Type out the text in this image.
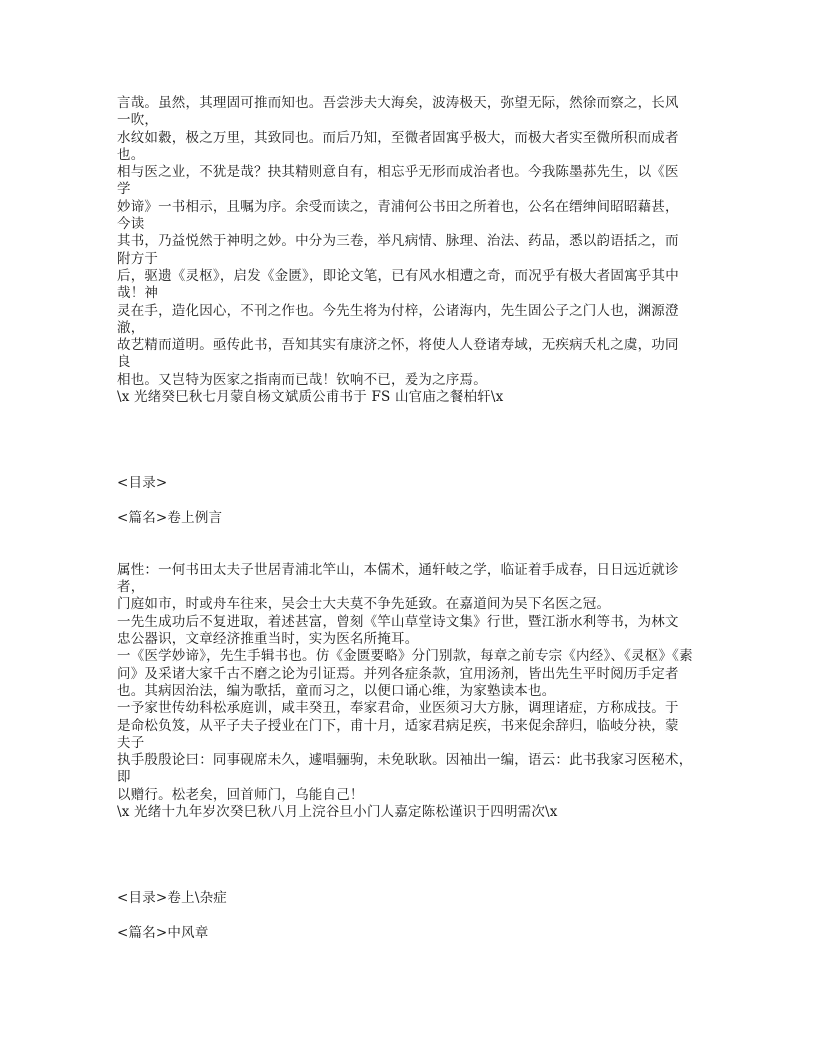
言哉。虽然，其理固可推而知也。吾尝涉夫大海矣，波涛极天，弥望无际，然徐而察之，长风
一吹，
水纹如縠，极之万里，其致同也。而后乃知，至微者固寓乎极大，而极大者实至微所积而成者
也。
相与医之业，不犹是哉？抉其精则意自有，相忘乎无形而成治者也。今我陈墨荪先生，以《医
学
妙谛》一书相示，且嘱为序。余受而读之，青浦何公书田之所着也，公名在缙绅间昭昭藉甚，
今读
其书，乃益悦然于神明之妙。中分为三卷，举凡病情、脉理、治法、药品，悉以韵语括之，而
附方于
后，驱遗《灵枢》，启发《金匮》，即论文笔，已有风水相遭之奇，而况乎有极大者固寓乎其中
哉！神
灵在手，造化因心，不刊之作也。今先生将为付梓，公诸海内，先生固公子之门人也，渊源澄
澈，
故艺精而道明。亟传此书，吾知其实有康济之怀，将使人人登诸寿域，无疾病夭札之虞，功同
良
相也。又岂特为医家之指南而已哉！钦响不已，爰为之序焉。
\x 光绪癸巳秋七月蒙自杨文斌质公甫书于 FS 山官庙之餐柏轩\x
<目录>
<篇名>卷上例言
属性：一何书田太夫子世居青浦北竿山，本儒术，通轩岐之学，临证着手成春，日日远近就诊
者，
门庭如市，时或舟车往来，吴会士大夫莫不争先延致。在嘉道间为吴下名医之冠。
一先生成功后不复进取，着述甚富，曾刻《竿山草堂诗文集》行世，暨江浙水利等书，为林文
忠公器识，文章经济推重当时，实为医名所掩耳。
一《医学妙谛》，先生手辑书也。仿《金匮要略》分门别款，每章之前专宗《内经》、《灵枢》《素
问》及采诸大家千古不磨之论为引证焉。并列各症条款，宜用汤剂，皆出先生平时阅历手定者
也。其病因治法，编为歌括，童而习之，以便口诵心维，为家塾读本也。
一予家世传幼科松承庭训，咸丰癸丑，奉家君命，业医须习大方脉，调理诸症，方称成技。于
是命松负笈，从平子夫子授业在门下，甫十月，适家君病足疾，书来促余辞归，临岐分袂，蒙
夫子
执手殷殷论曰：同事砚席未久，遽唱骊驹，未免耿耿。因袖出一编，语云：此书我家习医秘术，
即
以赠行。松老矣，回首师门，乌能自己！
\x 光绪十九年岁次癸巳秋八月上浣谷旦小门人嘉定陈松谨识于四明需次\x
<目录>卷上\杂症
<篇名>中风章
